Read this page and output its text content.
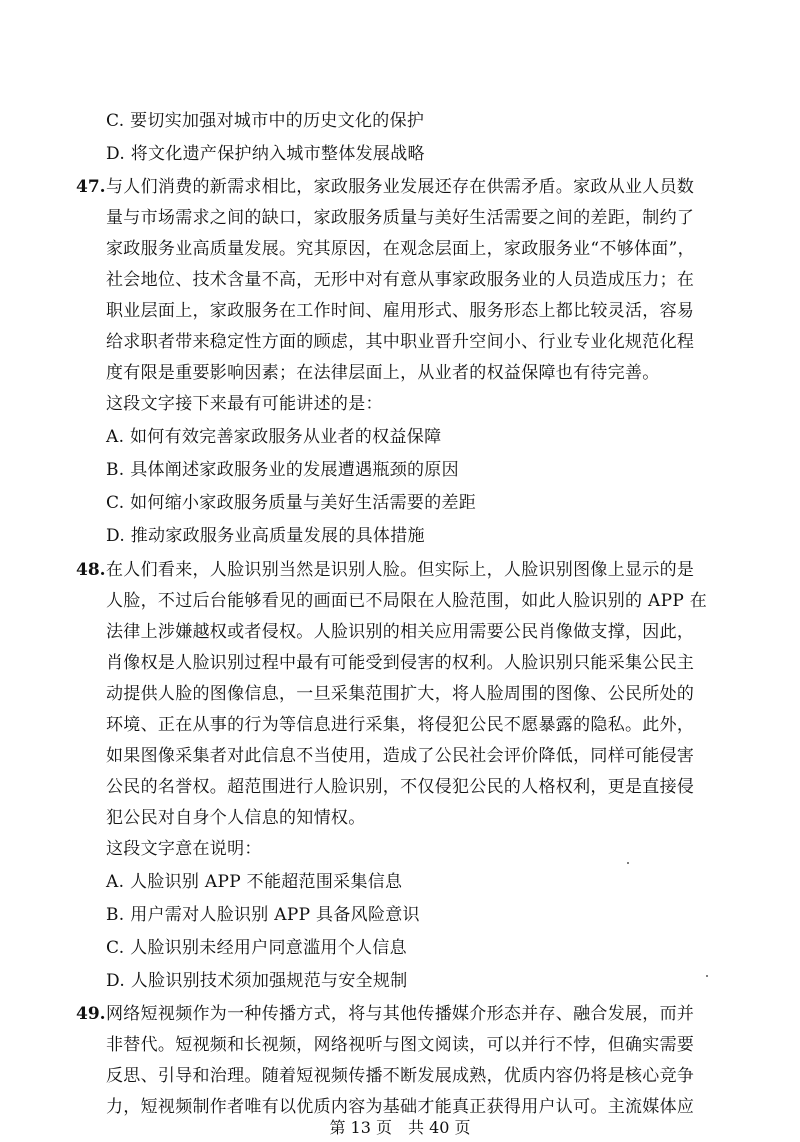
C. 要切实加强对城市中的历史文化的保护
D. 将文化遗产保护纳入城市整体发展战略
47. 与人们消费的新需求相比，家政服务业发展还存在供需矛盾。家政从业人员数
量与市场需求之间的缺口，家政服务质量与美好生活需要之间的差距，制约了
家政服务业高质量发展。究其原因，在观念层面上，家政服务业“不够体面”，
社会地位、技术含量不高，无形中对有意从事家政服务业的人员造成压力；在
职业层面上，家政服务在工作时间、雇用形式、服务形态上都比较灵活，容易
给求职者带来稳定性方面的顾虑，其中职业晋升空间小、行业专业化规范化程
度有限是重要影响因素；在法律层面上，从业者的权益保障也有待完善。
这段文字接下来最有可能讲述的是：
A. 如何有效完善家政服务从业者的权益保障
B. 具体阐述家政服务业的发展遭遇瓶颈的原因
C. 如何缩小家政服务质量与美好生活需要的差距
D. 推动家政服务业高质量发展的具体措施
48. 在人们看来，人脸识别当然是识别人脸。但实际上，人脸识别图像上显示的是
人脸，不过后台能够看见的画面已不局限在人脸范围，如此人脸识别的 APP 在
法律上涉嫌越权或者侵权。人脸识别的相关应用需要公民肖像做支撑，因此，
肖像权是人脸识别过程中最有可能受到侵害的权利。人脸识别只能采集公民主
动提供人脸的图像信息，一旦采集范围扩大，将人脸周围的图像、公民所处的
环境、正在从事的行为等信息进行采集，将侵犯公民不愿暴露的隐私。此外，
如果图像采集者对此信息不当使用，造成了公民社会评价降低，同样可能侵害
公民的名誉权。超范围进行人脸识别，不仅侵犯公民的人格权利，更是直接侵
犯公民对自身个人信息的知情权。
这段文字意在说明：
A. 人脸识别 APP 不能超范围采集信息
B. 用户需对人脸识别 APP 具备风险意识
C. 人脸识别未经用户同意滥用个人信息
D. 人脸识别技术须加强规范与安全规制
49. 网络短视频作为一种传播方式，将与其他传播媒介形态并存、融合发展，而并
非替代。短视频和长视频，网络视听与图文阅读，可以并行不悖，但确实需要
反思、引导和治理。随着短视频传播不断发展成熟，优质内容仍将是核心竞争
力，短视频制作者唯有以优质内容为基础才能真正获得用户认可。主流媒体应
第 13 页　共 40 页
